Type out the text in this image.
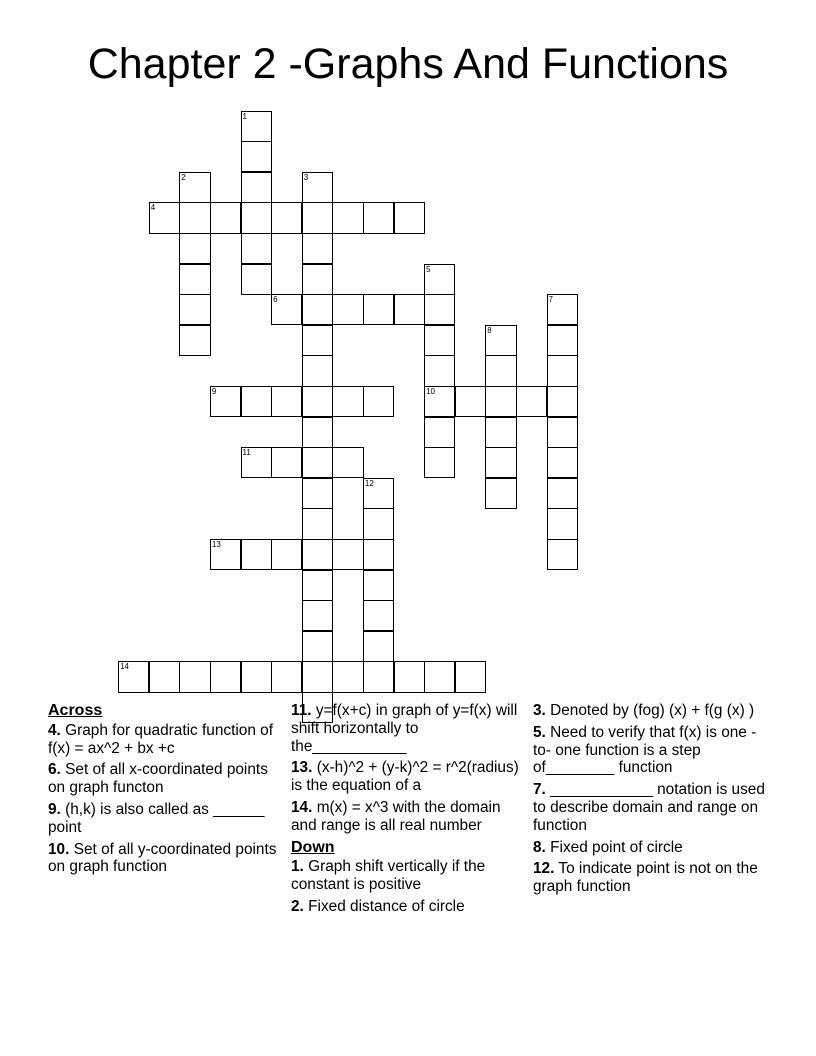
Chapter 2 -Graphs And Functions
1
2	3
4
5
10
6	7
8
9
11
12
13
14
Across
4. Graph for quadratic function of f(x) = ax^2 + bx +c
6. Set of all x-coordinated points on graph functon
9. (h,k) is also called as ______ point
10. Set of all y-coordinated points on graph function
11. y=f(x+c) in graph of y=f(x) will shift horizontally to the___________
13. (x-h)^2 + (y-k)^2 = r^2(radius) is the equation of a
14. m(x) = x^3 with the domain and range is all real number
Down
1. Graph shift vertically if the constant is positive
2. Fixed distance of circle
3. Denoted by (fog) (x) + f(g (x) )
5. Need to verify that f(x) is one - to- one function is a step of________ function
7. ____________ notation is used to describe domain and range on function
8. Fixed point of circle
12. To indicate point is not on the graph function
